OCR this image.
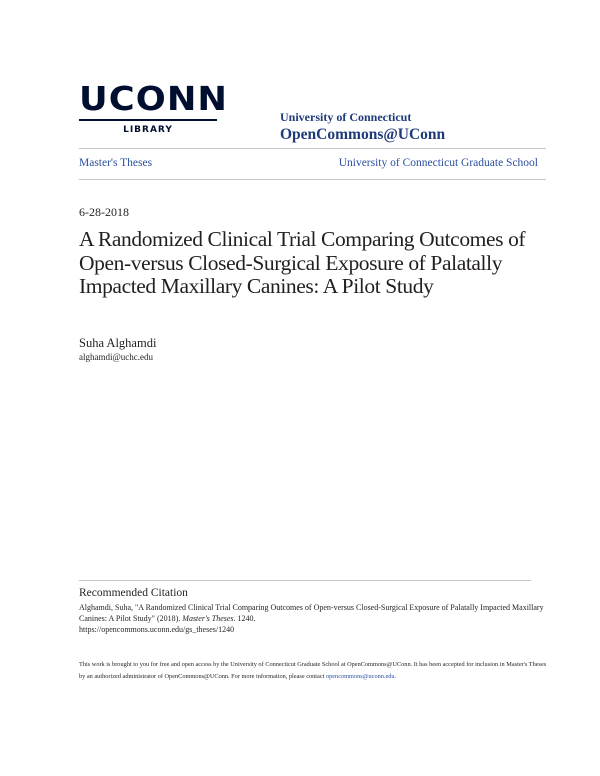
UCONN
LIBRARY
University of Connecticut
OpenCommons@UConn
Master's Theses	University of Connecticut Graduate School
6-28-2018
A Randomized Clinical Trial Comparing Outcomes of Open-versus Closed-Surgical Exposure of Palatally Impacted Maxillary Canines: A Pilot Study
Suha Alghamdi
alghamdi@uchc.edu
Recommended Citation
Alghamdi, Suha, "A Randomized Clinical Trial Comparing Outcomes of Open-versus Closed-Surgical Exposure of Palatally Impacted Maxillary Canines: A Pilot Study" (2018). Master's Theses. 1240.
https://opencommons.uconn.edu/gs_theses/1240
This work is brought to you for free and open access by the University of Connecticut Graduate School at OpenCommons@UConn. It has been accepted for inclusion in Master's Theses by an authorized administrator of OpenCommons@UConn. For more information, please contact opencommons@uconn.edu.
